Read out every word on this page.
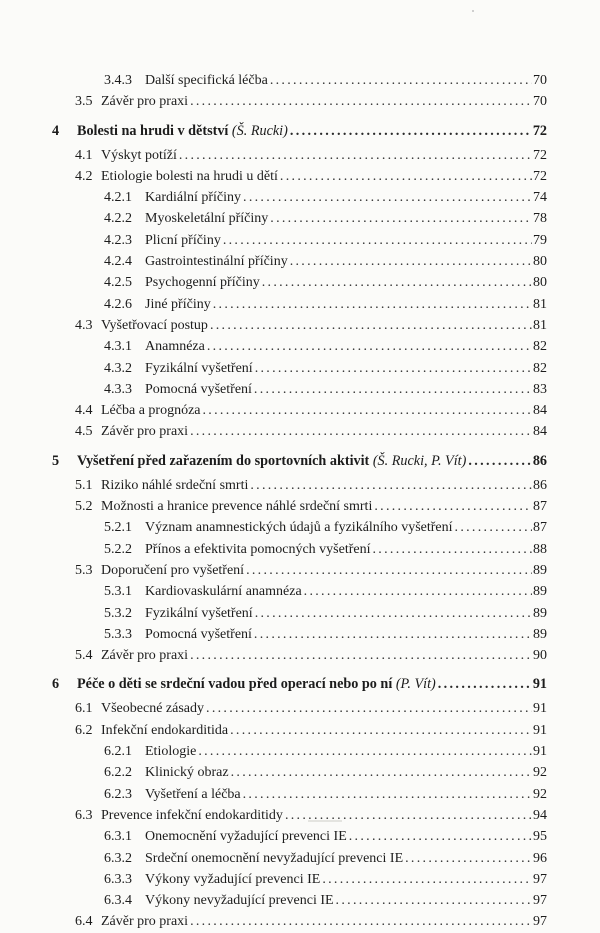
3.4.3 Další specifická léčba . . .	70
3.5 Závěr pro praxi . . .	70
4	Bolesti na hrudi v dětství (Š. Rucki) . . .	72
4.1 Výskyt potíží . . .	72
4.2 Etiologie bolesti na hrudi u dětí . . .	72
4.2.1 Kardiální příčiny . . .	74
4.2.2 Myoskeletální příčiny . . .	78
4.2.3 Plicní příčiny . . .	79
4.2.4 Gastrointestinální příčiny . . .	80
4.2.5 Psychogenní příčiny . . .	80
4.2.6 Jiné příčiny . . .	81
4.3 Vyšetřovací postup . . .	81
4.3.1 Anamnéza . . .	82
4.3.2 Fyzikální vyšetření . . .	82
4.3.3 Pomocná vyšetření . . .	83
4.4 Léčba a prognóza . . .	84
4.5 Závěr pro praxi . . .	84
5	Vyšetření před zařazením do sportovních aktivit (Š. Rucki, P. Vít) . . .	86
5.1 Riziko náhlé srdeční smrti . . .	86
5.2 Možnosti a hranice prevence náhlé srdeční smrti . . .	87
5.2.1 Význam anamnestických údajů a fyzikálního vyšetření . . .	87
5.2.2 Přínos a efektivita pomocných vyšetření . . .	88
5.3 Doporučení pro vyšetření . . .	89
5.3.1 Kardiovaskulární anamnéza . . .	89
5.3.2 Fyzikální vyšetření . . .	89
5.3.3 Pomocná vyšetření . . .	89
5.4 Závěr pro praxi . . .	90
6	Péče o děti se srdeční vadou před operací nebo po ní (P. Vít) . . .	91
6.1 Všeobecné zásady . . .	91
6.2 Infekční endokarditida . . .	91
6.2.1 Etiologie . . .	91
6.2.2 Klinický obraz . . .	92
6.2.3 Vyšetření a léčba . . .	92
6.3 Prevence infekční endokarditidy . . .	94
6.3.1 Onemocnění vyžadující prevenci IE . . .	95
6.3.2 Srdeční onemocnění nevyžadující prevenci IE . . .	96
6.3.3 Výkony vyžadující prevenci IE . . .	97
6.3.4 Výkony nevyžadující prevenci IE . . .	97
6.4 Závěr pro praxi . . .	97
